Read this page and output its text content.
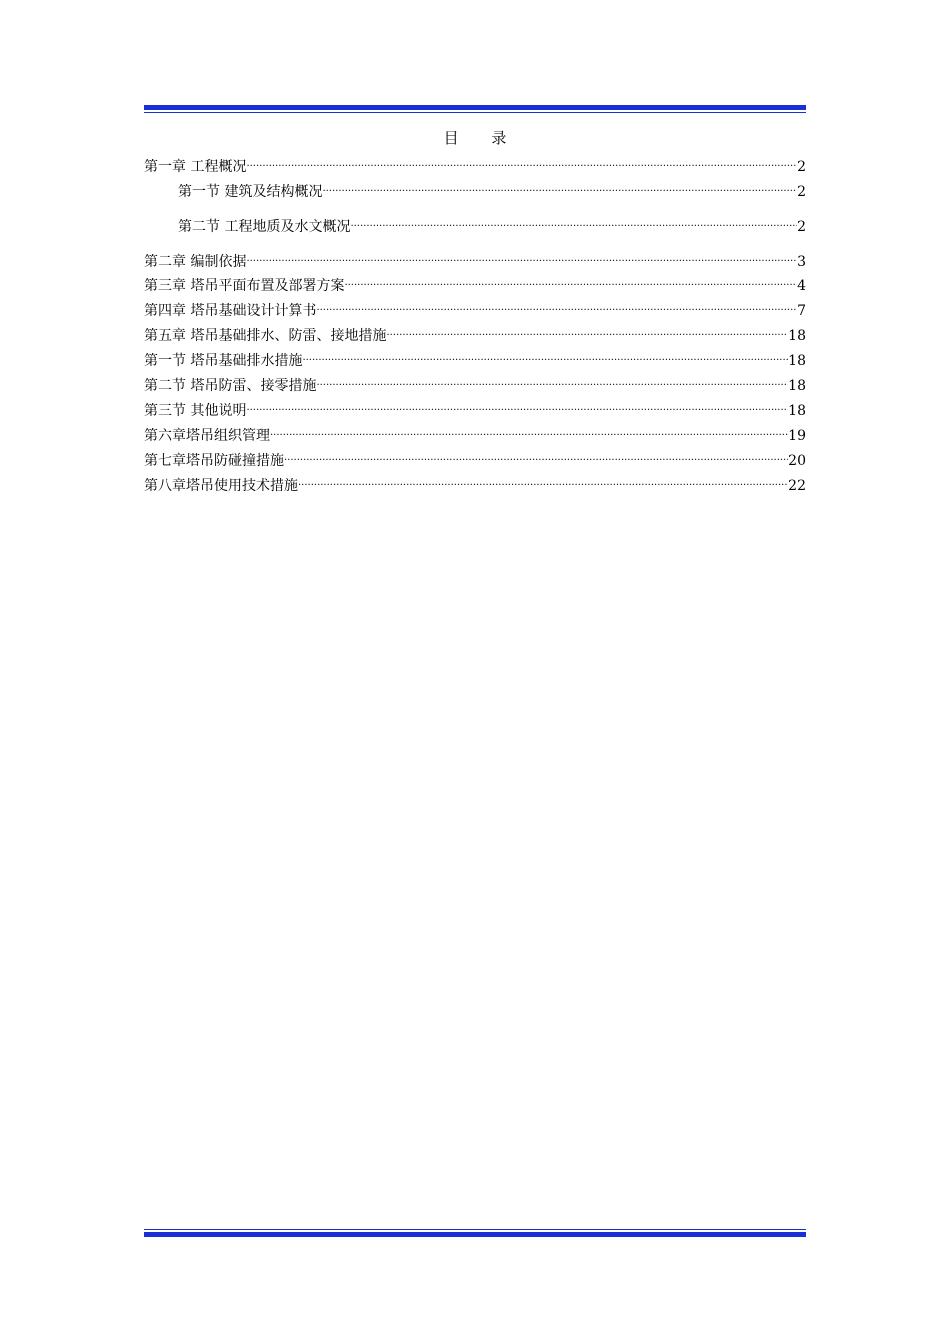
目 录
第一章 工程概况 .....	2
第一节 建筑及结构概况 .....	2
第二节 工程地质及水文概况 .....	2
第二章 编制依据 .....	3
第三章 塔吊平面布置及部署方案 .....	4
第四章 塔吊基础设计计算书 .....	7
第五章 塔吊基础排水、防雷、接地措施 .....	18
第一节 塔吊基础排水措施 .....	18
第二节 塔吊防雷、接零措施 .....	18
第三节 其他说明 .....	18
第六章塔吊组织管理 .....	19
第七章塔吊防碰撞措施 .....	20
第八章塔吊使用技术措施 .....	22
